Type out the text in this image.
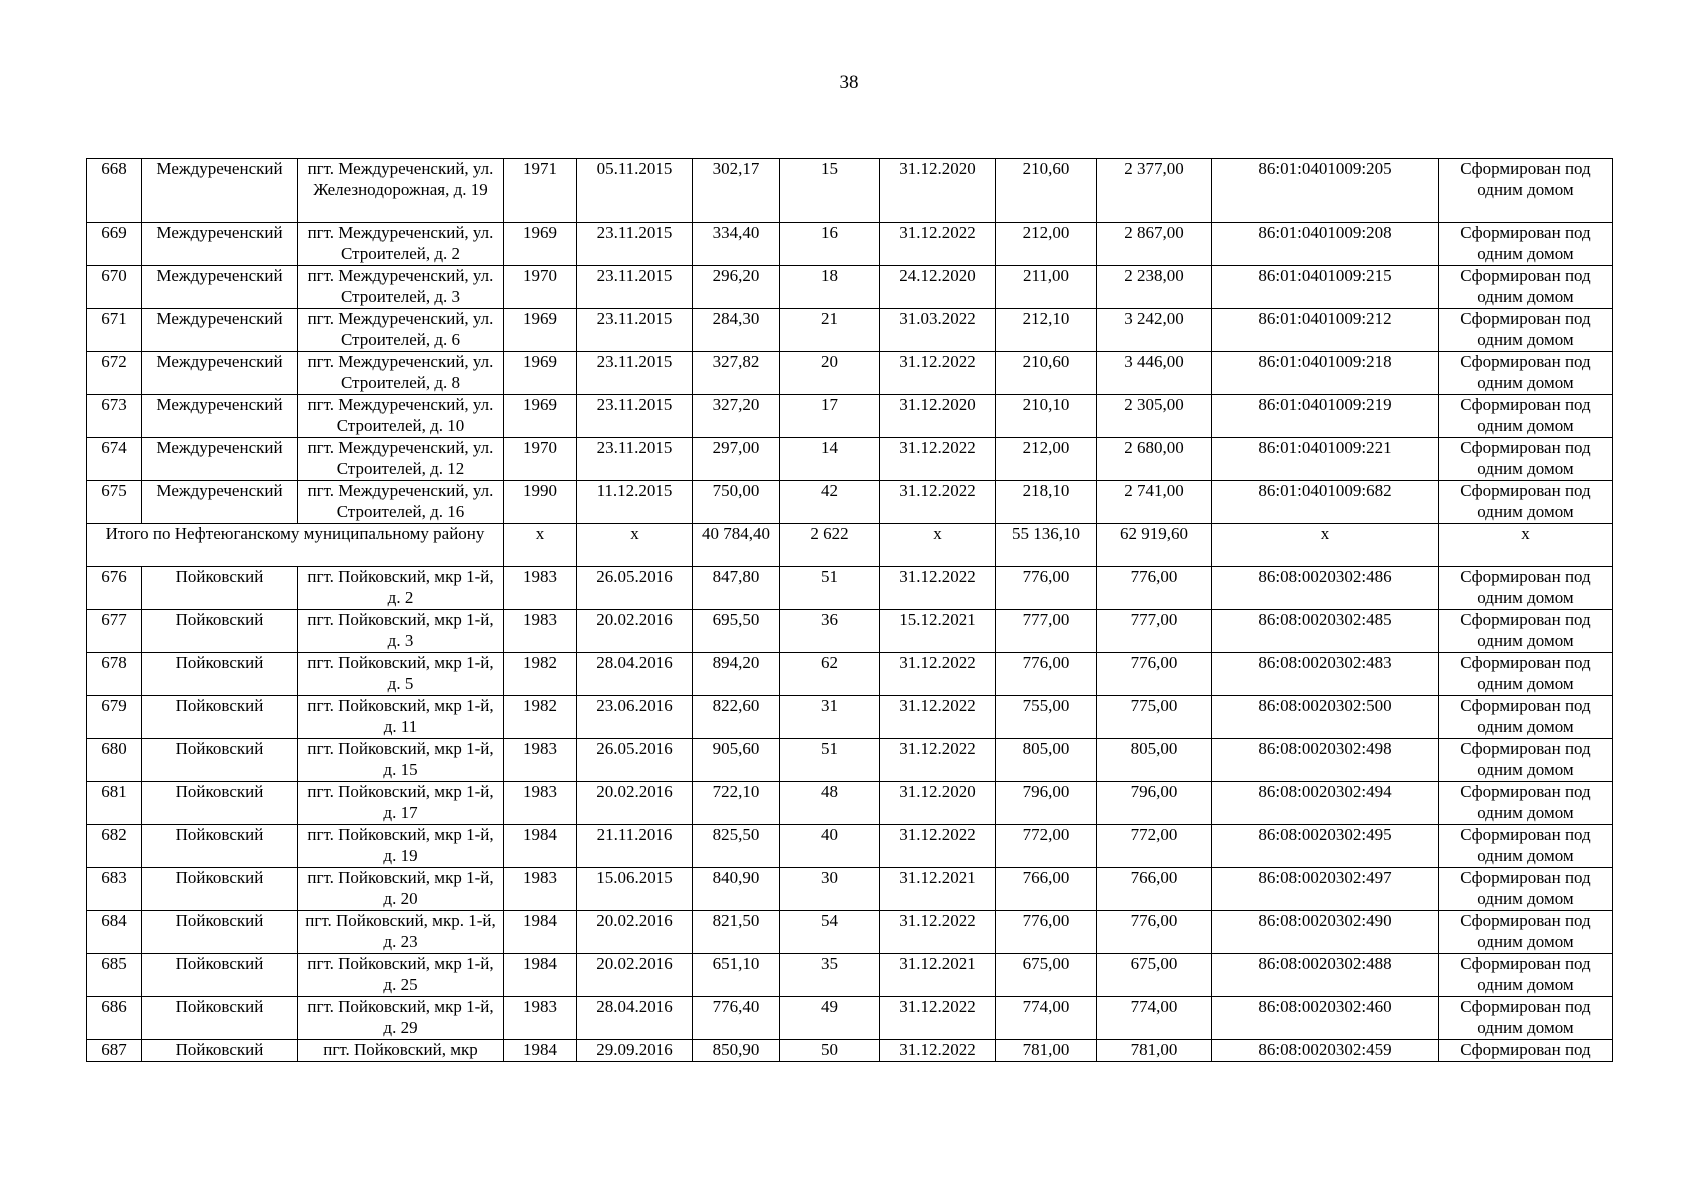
38
668	Междуреченский	пгт. Междуреченский, ул. Железнодорожная, д. 19	1971	05.11.2015	302,17	15	31.12.2020	210,60	2 377,00	86:01:0401009:205	Сформирован под одним домом
669	Междуреченский	пгт. Междуреченский, ул. Строителей, д. 2	1969	23.11.2015	334,40	16	31.12.2022	212,00	2 867,00	86:01:0401009:208	Сформирован под одним домом
670	Междуреченский	пгт. Междуреченский, ул. Строителей, д. 3	1970	23.11.2015	296,20	18	24.12.2020	211,00	2 238,00	86:01:0401009:215	Сформирован под одним домом
671	Междуреченский	пгт. Междуреченский, ул. Строителей, д. 6	1969	23.11.2015	284,30	21	31.03.2022	212,10	3 242,00	86:01:0401009:212	Сформирован под одним домом
672	Междуреченский	пгт. Междуреченский, ул. Строителей, д. 8	1969	23.11.2015	327,82	20	31.12.2022	210,60	3 446,00	86:01:0401009:218	Сформирован под одним домом
673	Междуреченский	пгт. Междуреченский, ул. Строителей, д. 10	1969	23.11.2015	327,20	17	31.12.2020	210,10	2 305,00	86:01:0401009:219	Сформирован под одним домом
674	Междуреченский	пгт. Междуреченский, ул. Строителей, д. 12	1970	23.11.2015	297,00	14	31.12.2022	212,00	2 680,00	86:01:0401009:221	Сформирован под одним домом
675	Междуреченский	пгт. Междуреченский, ул. Строителей, д. 16	1990	11.12.2015	750,00	42	31.12.2022	218,10	2 741,00	86:01:0401009:682	Сформирован под одним домом
Итого по Нефтеюганскому муниципальному району			x	x	40 784,40	2 622	x	55 136,10	62 919,60	x	x
676	Пойковский	пгт. Пойковский, мкр 1-й, д. 2	1983	26.05.2016	847,80	51	31.12.2022	776,00	776,00	86:08:0020302:486	Сформирован под одним домом
677	Пойковский	пгт. Пойковский, мкр 1-й, д. 3	1983	20.02.2016	695,50	36	15.12.2021	777,00	777,00	86:08:0020302:485	Сформирован под одним домом
678	Пойковский	пгт. Пойковский, мкр 1-й, д. 5	1982	28.04.2016	894,20	62	31.12.2022	776,00	776,00	86:08:0020302:483	Сформирован под одним домом
679	Пойковский	пгт. Пойковский, мкр 1-й, д. 11	1982	23.06.2016	822,60	31	31.12.2022	755,00	775,00	86:08:0020302:500	Сформирован под одним домом
680	Пойковский	пгт. Пойковский, мкр 1-й, д. 15	1983	26.05.2016	905,60	51	31.12.2022	805,00	805,00	86:08:0020302:498	Сформирован под одним домом
681	Пойковский	пгт. Пойковский, мкр 1-й, д. 17	1983	20.02.2016	722,10	48	31.12.2020	796,00	796,00	86:08:0020302:494	Сформирован под одним домом
682	Пойковский	пгт. Пойковский, мкр 1-й, д. 19	1984	21.11.2016	825,50	40	31.12.2022	772,00	772,00	86:08:0020302:495	Сформирован под одним домом
683	Пойковский	пгт. Пойковский, мкр 1-й, д. 20	1983	15.06.2015	840,90	30	31.12.2021	766,00	766,00	86:08:0020302:497	Сформирован под одним домом
684	Пойковский	пгт. Пойковский, мкр. 1-й, д. 23	1984	20.02.2016	821,50	54	31.12.2022	776,00	776,00	86:08:0020302:490	Сформирован под одним домом
685	Пойковский	пгт. Пойковский, мкр 1-й, д. 25	1984	20.02.2016	651,10	35	31.12.2021	675,00	675,00	86:08:0020302:488	Сформирован под одним домом
686	Пойковский	пгт. Пойковский, мкр 1-й, д. 29	1983	28.04.2016	776,40	49	31.12.2022	774,00	774,00	86:08:0020302:460	Сформирован под одним домом
687	Пойковский	пгт. Пойковский, мкр	1984	29.09.2016	850,90	50	31.12.2022	781,00	781,00	86:08:0020302:459	Сформирован под
